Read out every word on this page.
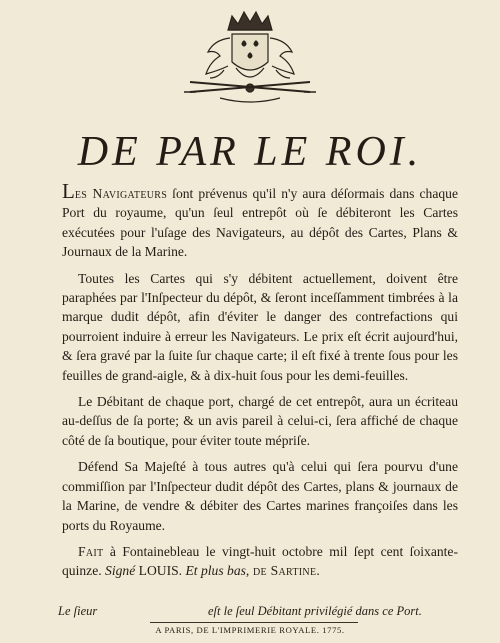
DE PAR LE ROI.

Les Navigateurs ſont prévenus qu'il n'y aura déſormais dans chaque Port du royaume, qu'un ſeul entrepôt où ſe débiteront les Cartes exécutées pour l'uſage des Navigateurs, au dépôt des Cartes, Plans & Journaux de la Marine.

Toutes les Cartes qui s'y débitent actuellement, doivent être paraphées par l'Inſpecteur du dépôt, & ſeront inceſſamment timbrées à la marque dudit dépôt, afin d'éviter le danger des contrefactions qui pourroient induire à erreur les Navigateurs. Le prix eſt écrit aujourd'hui, & ſera gravé par la ſuite ſur chaque carte; il eſt fixé à trente ſous pour les feuilles de grand-aigle, & à dix-huit ſous pour les demi-feuilles.

Le Débitant de chaque port, chargé de cet entrepôt, aura un écriteau au-deſſus de ſa porte; & un avis pareil à celui-ci, ſera affiché de chaque côté de ſa boutique, pour éviter toute mépriſe.

Défend Sa Majeſté à tous autres qu'à celui qui ſera pourvu d'une commiſſion par l'Inſpecteur dudit dépôt des Cartes, plans & journaux de la Marine, de vendre & débiter des Cartes marines françoiſes dans les ports du Royaume.

Fait à Fontainebleau le vingt-huit octobre mil ſept cent ſoixante-quinze. Signé LOUIS. Et plus bas, de Sartine.

Le ſieur	eſt le ſeul Débitant privilégié dans ce Port.
A PARIS, DE L'IMPRIMERIE ROYALE. 1775.
